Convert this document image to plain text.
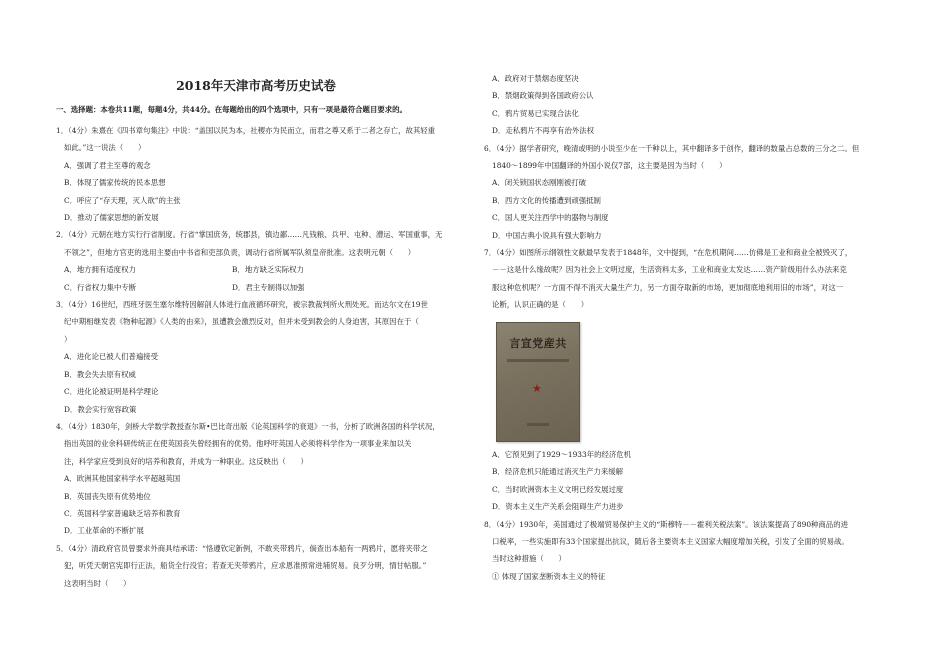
2018年天津市高考历史试卷
一、选择题：本卷共11题，每题4分，共44分。在每题给出的四个选项中，只有一项是最符合题目要求的。
1．（4分）朱熹在《四书章句集注》中说：“盖国以民为本，社稷亦为民而立，而君之尊又系于二者之存亡，故其轻重
如此。”这一说法（　　）
A．强调了君主至尊的观念
B．体现了儒家传统的民本思想
C．呼应了“存天理，灭人欲”的主张
D．推动了儒家思想的新发展
2．（4分）元朝在地方实行行省制度。行省“掌国庶务，统郡县，镇边鄙……凡钱粮、兵甲、屯种、漕运、军国重事，无
不领之”，但地方官吏的选用主要由中书省和吏部负责，调动行省所属军队须皇帝批准。这表明元朝（　　）
A．地方拥有适度权力	B．地方缺乏实际权力
C．行省权力集中专断	D．君主专制得以加强
3．（4分）16世纪，西班牙医生塞尔维特因解剖人体进行血液循环研究，被宗教裁判所火刑处死。而达尔文在19世
纪中期相继发表《物种起源》《人类的由来》，虽遭教会激烈反对，但并未受到教会的人身迫害，其原因在于（
）
A．进化论已被人们普遍接受
B．教会失去原有权威
C．进化论被证明是科学理论
D．教会实行宽容政策
4．（4分）1830年，剑桥大学数学教授查尔斯•巴比奇出版《论英国科学的衰退》一书，分析了欧洲各国的科学状况，
指出英国的业余科研传统正在使英国丧失曾经拥有的优势。他呼吁英国人必须将科学作为一项事业来加以关
注，科学家应受到良好的培养和教育，并成为一种职业。这反映出（　　）
A．欧洲其他国家科学水平超越英国
B．英国丧失原有优势地位
C．英国科学家普遍缺乏培养和教育
D．工业革命的不断扩展
5．（4分）清政府官员曾要求外商具结承诺：“恪遵钦定新例，不敢夹带鸦片，倘查出本船有一两鸦片，愿将夹带之
犯，听凭天朝官宪即行正法，船货全行没官；若查无夹带鸦片，应求恩准照常进埔贸易。良歹分明，情甘帖服。”
这表明当时（　　）
A．政府对于禁烟态度坚决
B．禁烟政策得到各国政府公认
C．鸦片贸易已实现合法化
D．走私鸦片不再享有治外法权
6．（4分）据学者研究，晚清或明的小说至少在一千种以上，其中翻译多于创作，翻译的数量占总数的三分之二。但
1840～1899年中国翻译的外国小说仅7部，这主要是因为当时（　　）
A．闭关锁国状态刚刚被打破
B．西方文化的传播遭到顽强抵制
C．国人更关注西学中的器物与制度
D．中国古典小说具有强大影响力
7．（4分）如图所示纲领性文献最早发表于1848年，文中提到，“在危机期间……仿佛是工业和商业全被毁灭了，
－－这是什么缘故呢？因为社会上文明过度，生活资料太多，工业和商业太发达……资产阶级用什么办法来克
服这种危机呢？一方面不得不消灭大量生产力，另一方面夺取新的市场，更加彻底地利用旧的市场”，对这一
论断，认识正确的是（　　）
言宣党産共
★
A．它预见到了1929～1933年的经济危机
B．经济危机只能通过消灭生产力来缓解
C．当时欧洲资本主义文明已经发展过度
D．资本主义生产关系会阻碍生产力进步
8．（4分）1930年，美国通过了极端贸易保护主义的“斯穆特－－霍利关税法案”。该法案提高了890种商品的进
口税率，一些实施即有33个国家提出抗议，随后各主要资本主义国家大幅度增加关税，引发了全面的贸易战。
当时这种措施（　　）
① 体现了国家垄断资本主义的特征
